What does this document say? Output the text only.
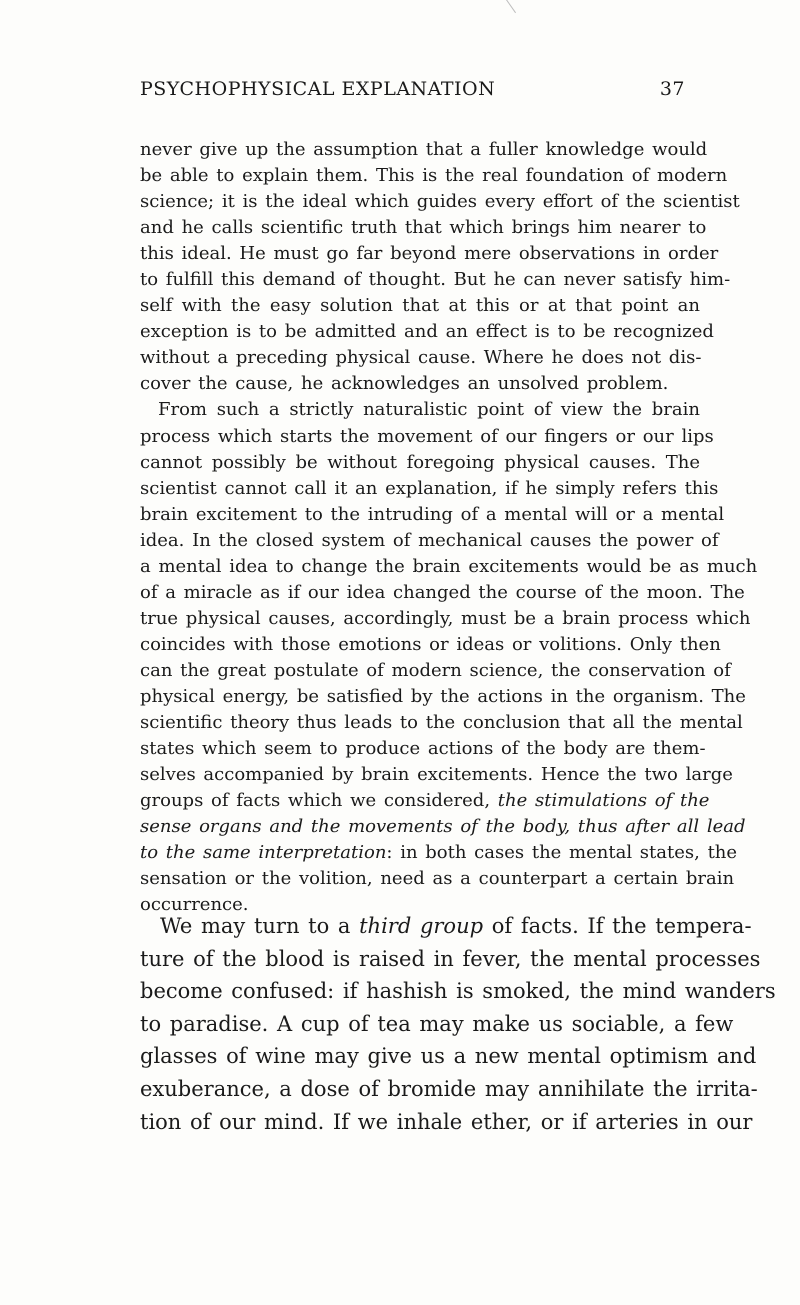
PSYCHOPHYSICAL EXPLANATION	37
never give up the assumption that a fuller knowledge would
be able to explain them. This is the real foundation of modern
science; it is the ideal which guides every effort of the scientist
and he calls scientific truth that which brings him nearer to
this ideal. He must go far beyond mere observations in order
to fulfill this demand of thought. But he can never satisfy him-
self with the easy solution that at this or at that point an
exception is to be admitted and an effect is to be recognized
without a preceding physical cause. Where he does not dis-
cover the cause, he acknowledges an unsolved problem.
From such a strictly naturalistic point of view the brain
process which starts the movement of our fingers or our lips
cannot possibly be without foregoing physical causes. The
scientist cannot call it an explanation, if he simply refers this
brain excitement to the intruding of a mental will or a mental
idea. In the closed system of mechanical causes the power of
a mental idea to change the brain excitements would be as much
of a miracle as if our idea changed the course of the moon. The
true physical causes, accordingly, must be a brain process which
coincides with those emotions or ideas or volitions. Only then
can the great postulate of modern science, the conservation of
physical energy, be satisfied by the actions in the organism. The
scientific theory thus leads to the conclusion that all the mental
states which seem to produce actions of the body are them-
selves accompanied by brain excitements. Hence the two large
groups of facts which we considered, the stimulations of the
sense organs and the movements of the body, thus after all lead
to the same interpretation: in both cases the mental states, the
sensation or the volition, need as a counterpart a certain brain
occurrence.
We may turn to a third group of facts. If the tempera-
ture of the blood is raised in fever, the mental processes
become confused: if hashish is smoked, the mind wanders
to paradise. A cup of tea may make us sociable, a few
glasses of wine may give us a new mental optimism and
exuberance, a dose of bromide may annihilate the irrita-
tion of our mind. If we inhale ether, or if arteries in our
